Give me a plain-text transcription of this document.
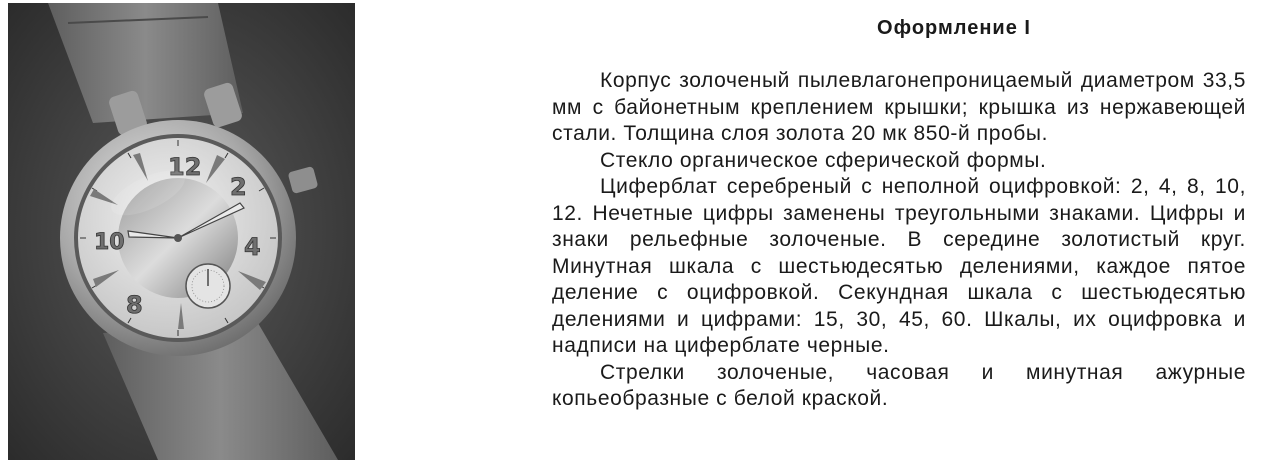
12
2
4
8
10
Оформление I

Корпус золоченый пылевлагонепроницаемый диаметром 33,5 мм с байонетным креплением крышки; крышка из нержавеющей стали. Толщина слоя золота 20 мк 850-й пробы.

Стекло органическое сферической формы.

Циферблат серебреный с неполной оцифровкой: 2, 4, 8, 10, 12. Нечетные цифры заменены треугольными знаками. Цифры и знаки рельефные золоченые. В середине золотистый круг. Минутная шкала с шестьюдесятью делениями, каждое пятое деление с оцифровкой. Секундная шкала с шестьюдесятью делениями и цифрами: 15, 30, 45, 60. Шкалы, их оцифровка и надписи на циферблате черные.

Стрелки золоченые, часовая и минутная ажурные копьеобразные с белой краской.
